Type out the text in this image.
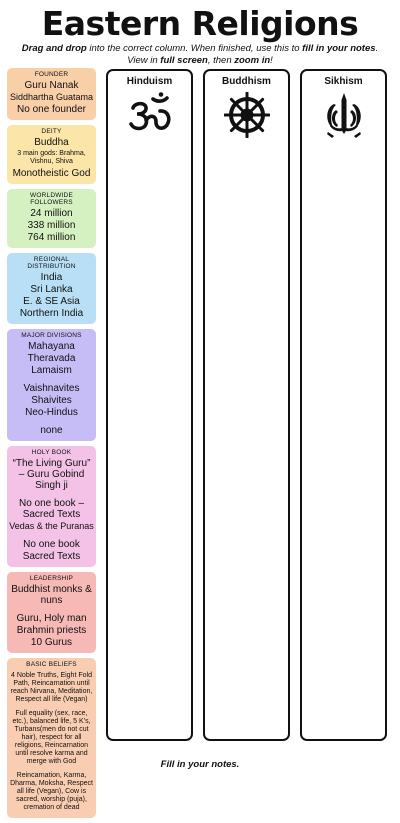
Eastern Religions
Drag and drop into the correct column. When finished, use this to fill in your notes.
View in full screen, then zoom in!
FOUNDER
Guru Nanak
Siddhartha Guatama
No one founder
DEITY
Buddha
3 main gods: Brahma, Vishnu, Shiva
Monotheistic God
WORLDWIDE FOLLOWERS
24 million
338 million
764 million
REGIONAL DISTRIBUTION
India
Sri Lanka
E. & SE Asia
Northern India
MAJOR DIVISIONS
Mahayana
Theravada
Lamaism
Vaishnavites
Shaivites
Neo-Hindus
none
HOLY BOOK
“The Living Guru” – Guru Gobind Singh ji
No one book – Sacred Texts
Vedas & the Puranas
No one book
Sacred Texts
LEADERSHIP
Buddhist monks & nuns
Guru, Holy man
Brahmin priests
10 Gurus
BASIC BELIEFS
4 Noble Truths, Eight Fold Path, Reincarnation until reach Nirvana, Meditation, Respect all life (Vegan)
Full equality (sex, race, etc.), balanced life, 5 K’s, Turbans(men do not cut hair), respect for all religions, Reincarnation until resolve karma and merge with God
Reincarnation, Karma, Dharma, Moksha, Respect all life (Vegan), Cow is sacred, worship (puja), cremation of dead
Hinduism	Buddhism	Sikhism
Fill in your notes.
